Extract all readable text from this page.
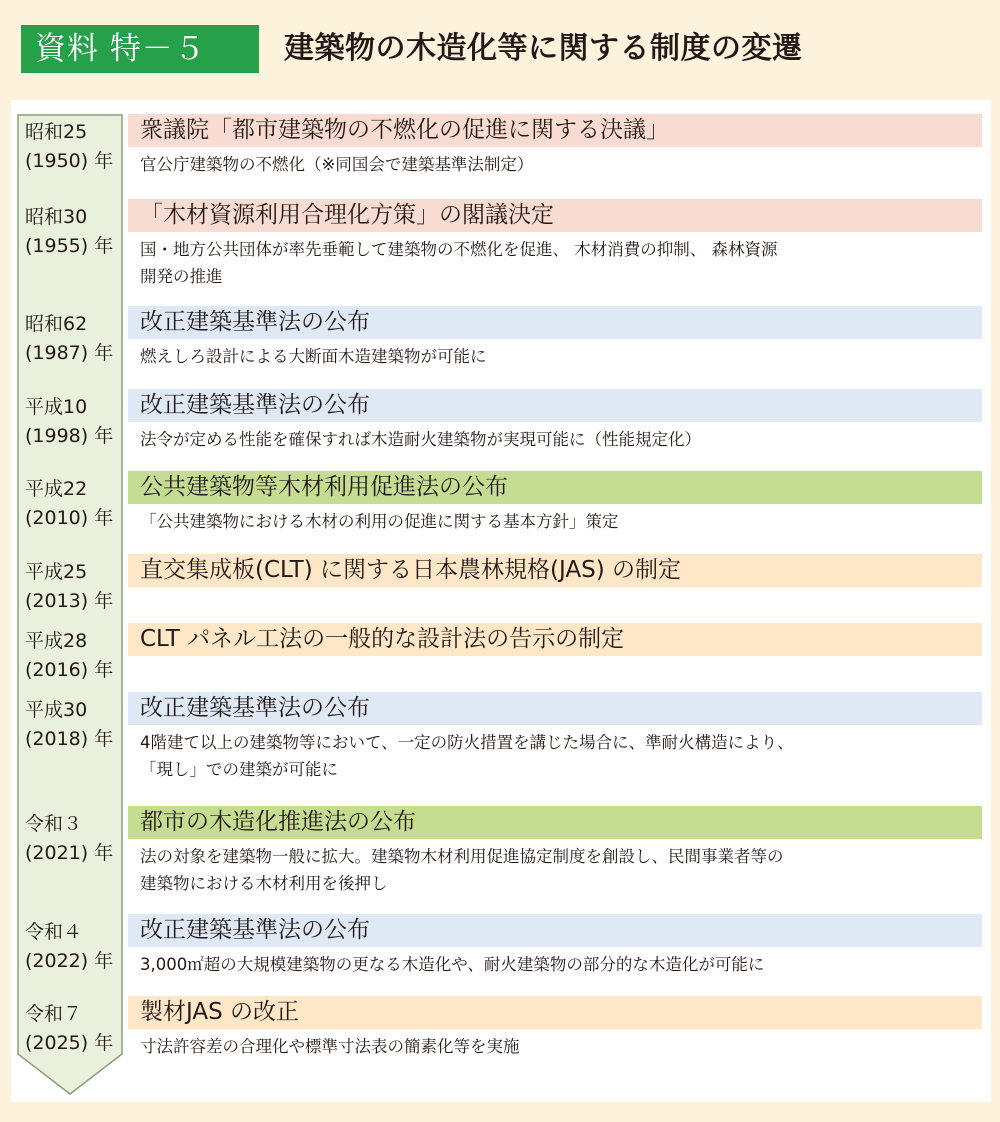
資料 特－５	建築物の木造化等に関する制度の変遷
昭和25
(1950) 年
衆議院「都市建築物の不燃化の促進に関する決議」
官公庁建築物の不燃化（※同国会で建築基準法制定）
昭和30
(1955) 年
「木材資源利用合理化方策」の閣議決定
国・地方公共団体が率先垂範して建築物の不燃化を促進、 木材消費の抑制、 森林資源
開発の推進
昭和62
(1987) 年
改正建築基準法の公布
燃えしろ設計による大断面木造建築物が可能に
平成10
(1998) 年
改正建築基準法の公布
法令が定める性能を確保すれば木造耐火建築物が実現可能に（性能規定化）
平成22
(2010) 年
公共建築物等木材利用促進法の公布
「公共建築物における木材の利用の促進に関する基本方針」策定
平成25
(2013) 年
直交集成板(CLT) に関する日本農林規格(JAS) の制定
平成28
(2016) 年
CLT パネル工法の一般的な設計法の告示の制定
平成30
(2018) 年
改正建築基準法の公布
4階建て以上の建築物等において、一定の防火措置を講じた場合に、準耐火構造により、
「現し」での建築が可能に
令和３
(2021) 年
都市の木造化推進法の公布
法の対象を建築物一般に拡大。建築物木材利用促進協定制度を創設し、民間事業者等の
建築物における木材利用を後押し
令和４
(2022) 年
改正建築基準法の公布
3,000㎡超の大規模建築物の更なる木造化や、耐火建築物の部分的な木造化が可能に
令和７
(2025) 年
製材JAS の改正
寸法許容差の合理化や標準寸法表の簡素化等を実施
